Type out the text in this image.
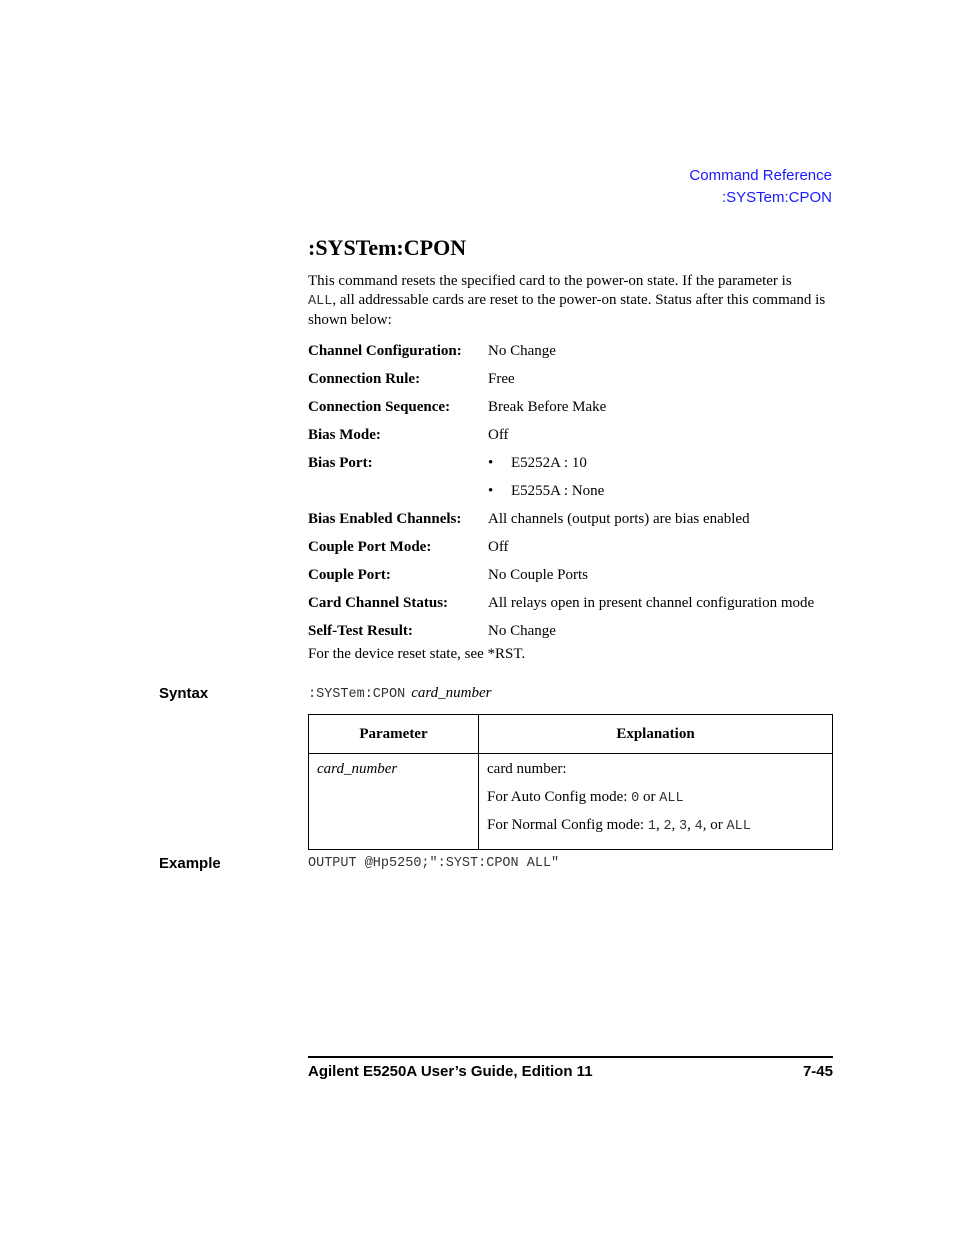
Command Reference
:SYSTem:CPON
:SYSTem:CPON
This command resets the specified card to the power-on state. If the parameter is
ALL, all addressable cards are reset to the power-on state. Status after this command is shown below:
Channel Configuration:	No Change
Connection Rule:	Free
Connection Sequence:	Break Before Make
Bias Mode:	Off
Bias Port:	• E5252A : 10
• E5255A : None
Bias Enabled Channels:	All channels (output ports) are bias enabled
Couple Port Mode:	Off
Couple Port:	No Couple Ports
Card Channel Status:	All relays open in present channel configuration mode
Self-Test Result:	No Change
For the device reset state, see *RST.
Syntax	:SYSTem:CPON card_number
Parameter	Explanation

card_number	card number:
For Auto Config mode: 0 or ALL
For Normal Config mode: 1, 2, 3, 4, or ALL
Example	OUTPUT @Hp5250;":SYST:CPON ALL"
Agilent E5250A User’s Guide, Edition 11	7-45
